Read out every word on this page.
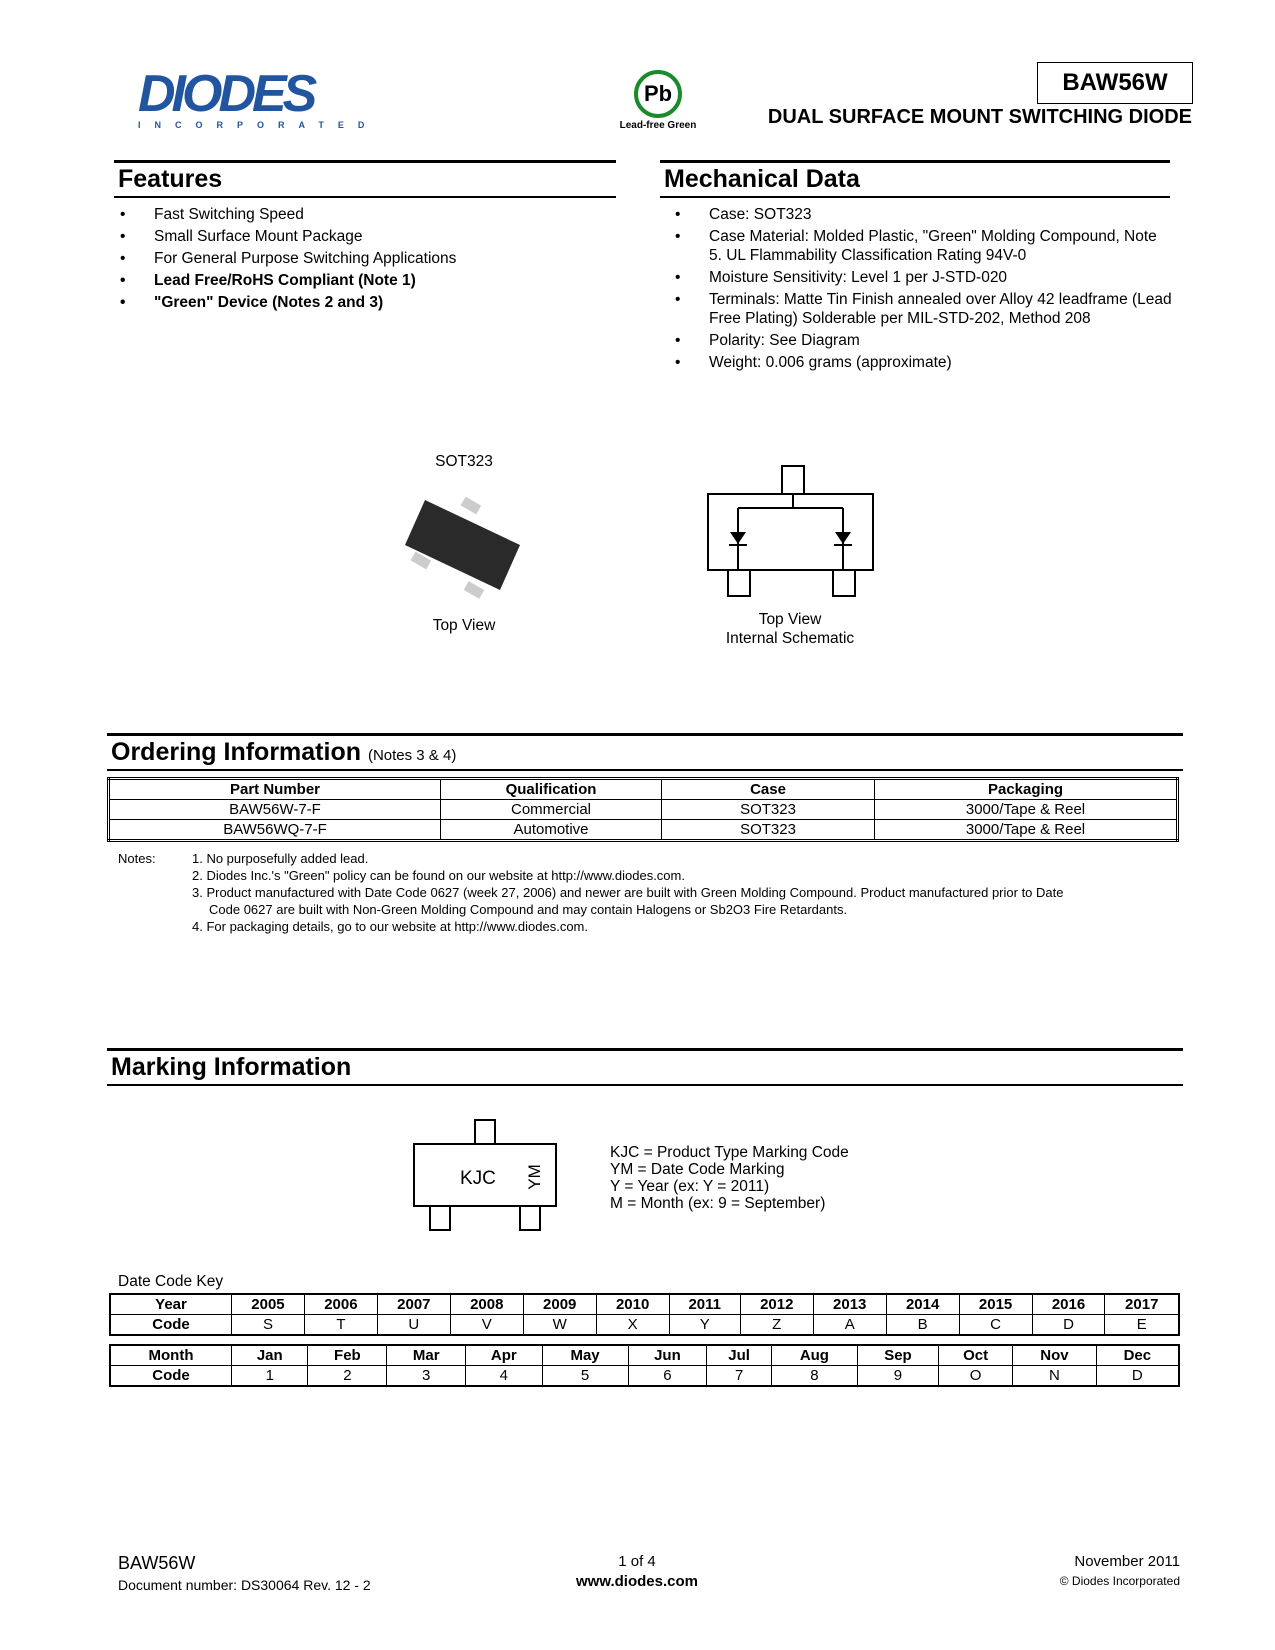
DIODES
INCORPORATED
Pb
Lead-free Green
BAW56W
DUAL SURFACE MOUNT SWITCHING DIODE
Features
• Fast Switching Speed
• Small Surface Mount Package
• For General Purpose Switching Applications
• Lead Free/RoHS Compliant (Note 1)
• "Green" Device (Notes 2 and 3)
Mechanical Data
• Case: SOT323
• Case Material: Molded Plastic, "Green" Molding Compound, Note 5. UL Flammability Classification Rating 94V-0
• Moisture Sensitivity: Level 1 per J-STD-020
• Terminals: Matte Tin Finish annealed over Alloy 42 leadframe (Lead Free Plating) Solderable per MIL-STD-202, Method 208
• Polarity: See Diagram
• Weight: 0.006 grams (approximate)
SOT323
Top View	Top View
Internal Schematic
Ordering Information (Notes 3 & 4)
Part Number	Qualification	Case	Packaging
BAW56W-7-F	Commercial	SOT323	3000/Tape & Reel
BAW56WQ-7-F	Automotive	SOT323	3000/Tape & Reel
Notes:	1. No purposefully added lead.
2. Diodes Inc.'s "Green" policy can be found on our website at http://www.diodes.com.
3. Product manufactured with Date Code 0627 (week 27, 2006) and newer are built with Green Molding Compound. Product manufactured prior to Date
Code 0627 are built with Non-Green Molding Compound and may contain Halogens or Sb2O3 Fire Retardants.
4. For packaging details, go to our website at http://www.diodes.com.
Marking Information
KJC YM
KJC = Product Type Marking Code
YM = Date Code Marking
Y = Year (ex: Y = 2011)
M = Month (ex: 9 = September)
Date Code Key
Year	2005	2006	2007	2008	2009	2010	2011	2012	2013	2014	2015	2016	2017
Code	S	T	U	V	W	X	Y	Z	A	B	C	D	E
Month	Jan	Feb	Mar	Apr	May	Jun	Jul	Aug	Sep	Oct	Nov	Dec
Code	1	2	3	4	5	6	7	8	9	O	N	D
BAW56W
Document number: DS30064 Rev. 12 - 2
1 of 4
www.diodes.com
November 2011
© Diodes Incorporated
